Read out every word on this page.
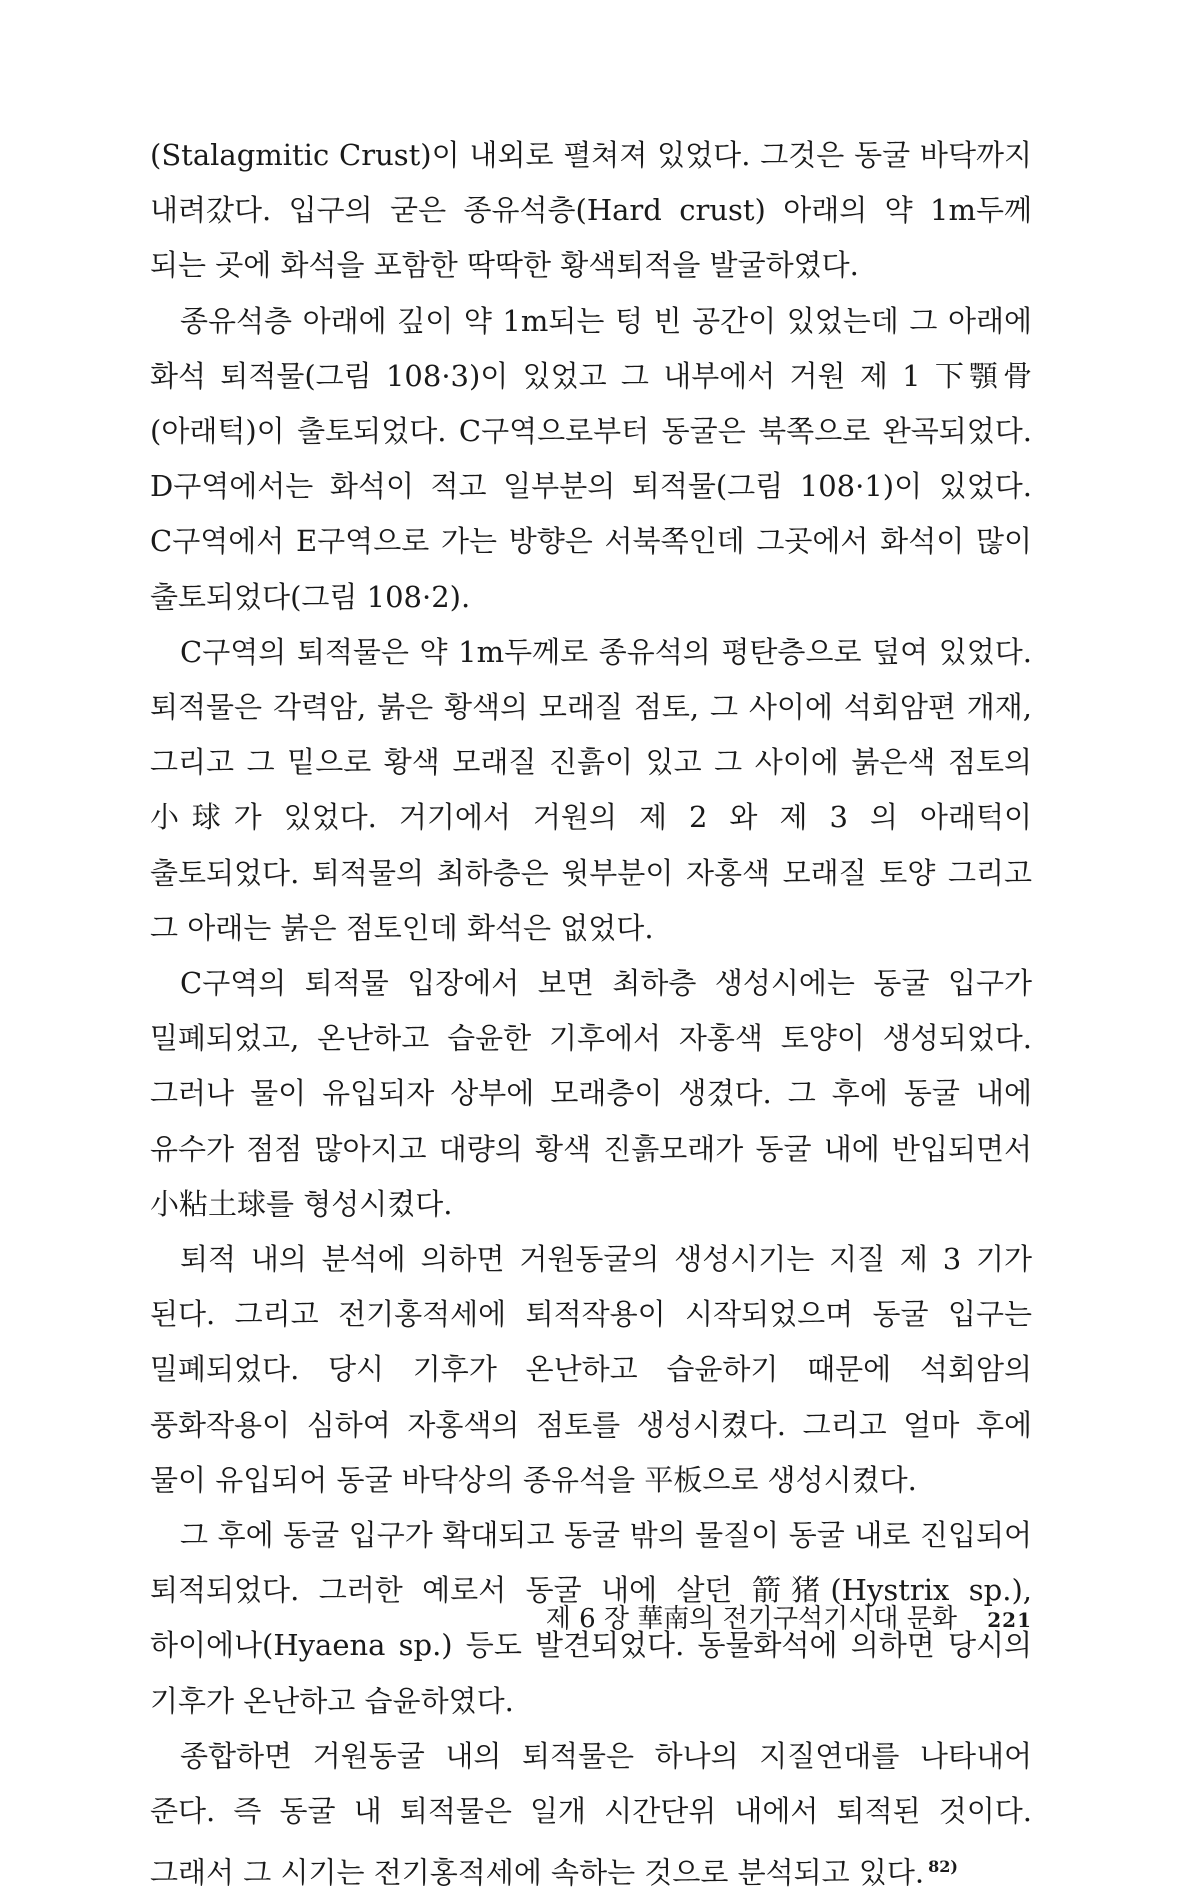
(Stalagmitic Crust)이 내외로 펼쳐져 있었다. 그것은 동굴 바닥까지 내려갔다. 입구의 굳은 종유석층(Hard crust) 아래의 약 1m두께 되는 곳에 화석을 포함한 딱딱한 황색퇴적을 발굴하였다.

종유석층 아래에 깊이 약 1m되는 텅 빈 공간이 있었는데 그 아래에 화석 퇴적물(그림 108·3)이 있었고 그 내부에서 거원 제 1 下顎骨(아래턱)이 출토되었다. C구역으로부터 동굴은 북쪽으로 완곡되었다. D구역에서는 화석이 적고 일부분의 퇴적물(그림 108·1)이 있었다. C구역에서 E구역으로 가는 방향은 서북쪽인데 그곳에서 화석이 많이 출토되었다(그림 108·2).

C구역의 퇴적물은 약 1m두께로 종유석의 평탄층으로 덮여 있었다. 퇴적물은 각력암, 붉은 황색의 모래질 점토, 그 사이에 석회암편 개재, 그리고 그 밑으로 황색 모래질 진흙이 있고 그 사이에 붉은색 점토의 小球가 있었다. 거기에서 거원의 제 2 와 제 3 의 아래턱이 출토되었다. 퇴적물의 최하층은 윗부분이 자홍색 모래질 토양 그리고 그 아래는 붉은 점토인데 화석은 없었다.

C구역의 퇴적물 입장에서 보면 최하층 생성시에는 동굴 입구가 밀폐되었고, 온난하고 습윤한 기후에서 자홍색 토양이 생성되었다. 그러나 물이 유입되자 상부에 모래층이 생겼다. 그 후에 동굴 내에 유수가 점점 많아지고 대량의 황색 진흙모래가 동굴 내에 반입되면서 小粘土球를 형성시켰다.

퇴적 내의 분석에 의하면 거원동굴의 생성시기는 지질 제 3 기가 된다. 그리고 전기홍적세에 퇴적작용이 시작되었으며 동굴 입구는 밀폐되었다. 당시 기후가 온난하고 습윤하기 때문에 석회암의 풍화작용이 심하여 자홍색의 점토를 생성시켰다. 그리고 얼마 후에 물이 유입되어 동굴 바닥상의 종유석을 平板으로 생성시켰다.

그 후에 동굴 입구가 확대되고 동굴 밖의 물질이 동굴 내로 진입되어 퇴적되었다. 그러한 예로서 동굴 내에 살던 箭猪(Hystrix sp.), 하이에나(Hyaena sp.) 등도 발견되었다. 동물화석에 의하면 당시의 기후가 온난하고 습윤하였다.

종합하면 거원동굴 내의 퇴적물은 하나의 지질연대를 나타내어 준다. 즉 동굴 내 퇴적물은 일개 시간단위 내에서 퇴적된 것이다. 그래서 그 시기는 전기홍적세에 속하는 것으로 분석되고 있다. $^{82)}$

제 6 장 華南의 전기구석기시대 문화 221
